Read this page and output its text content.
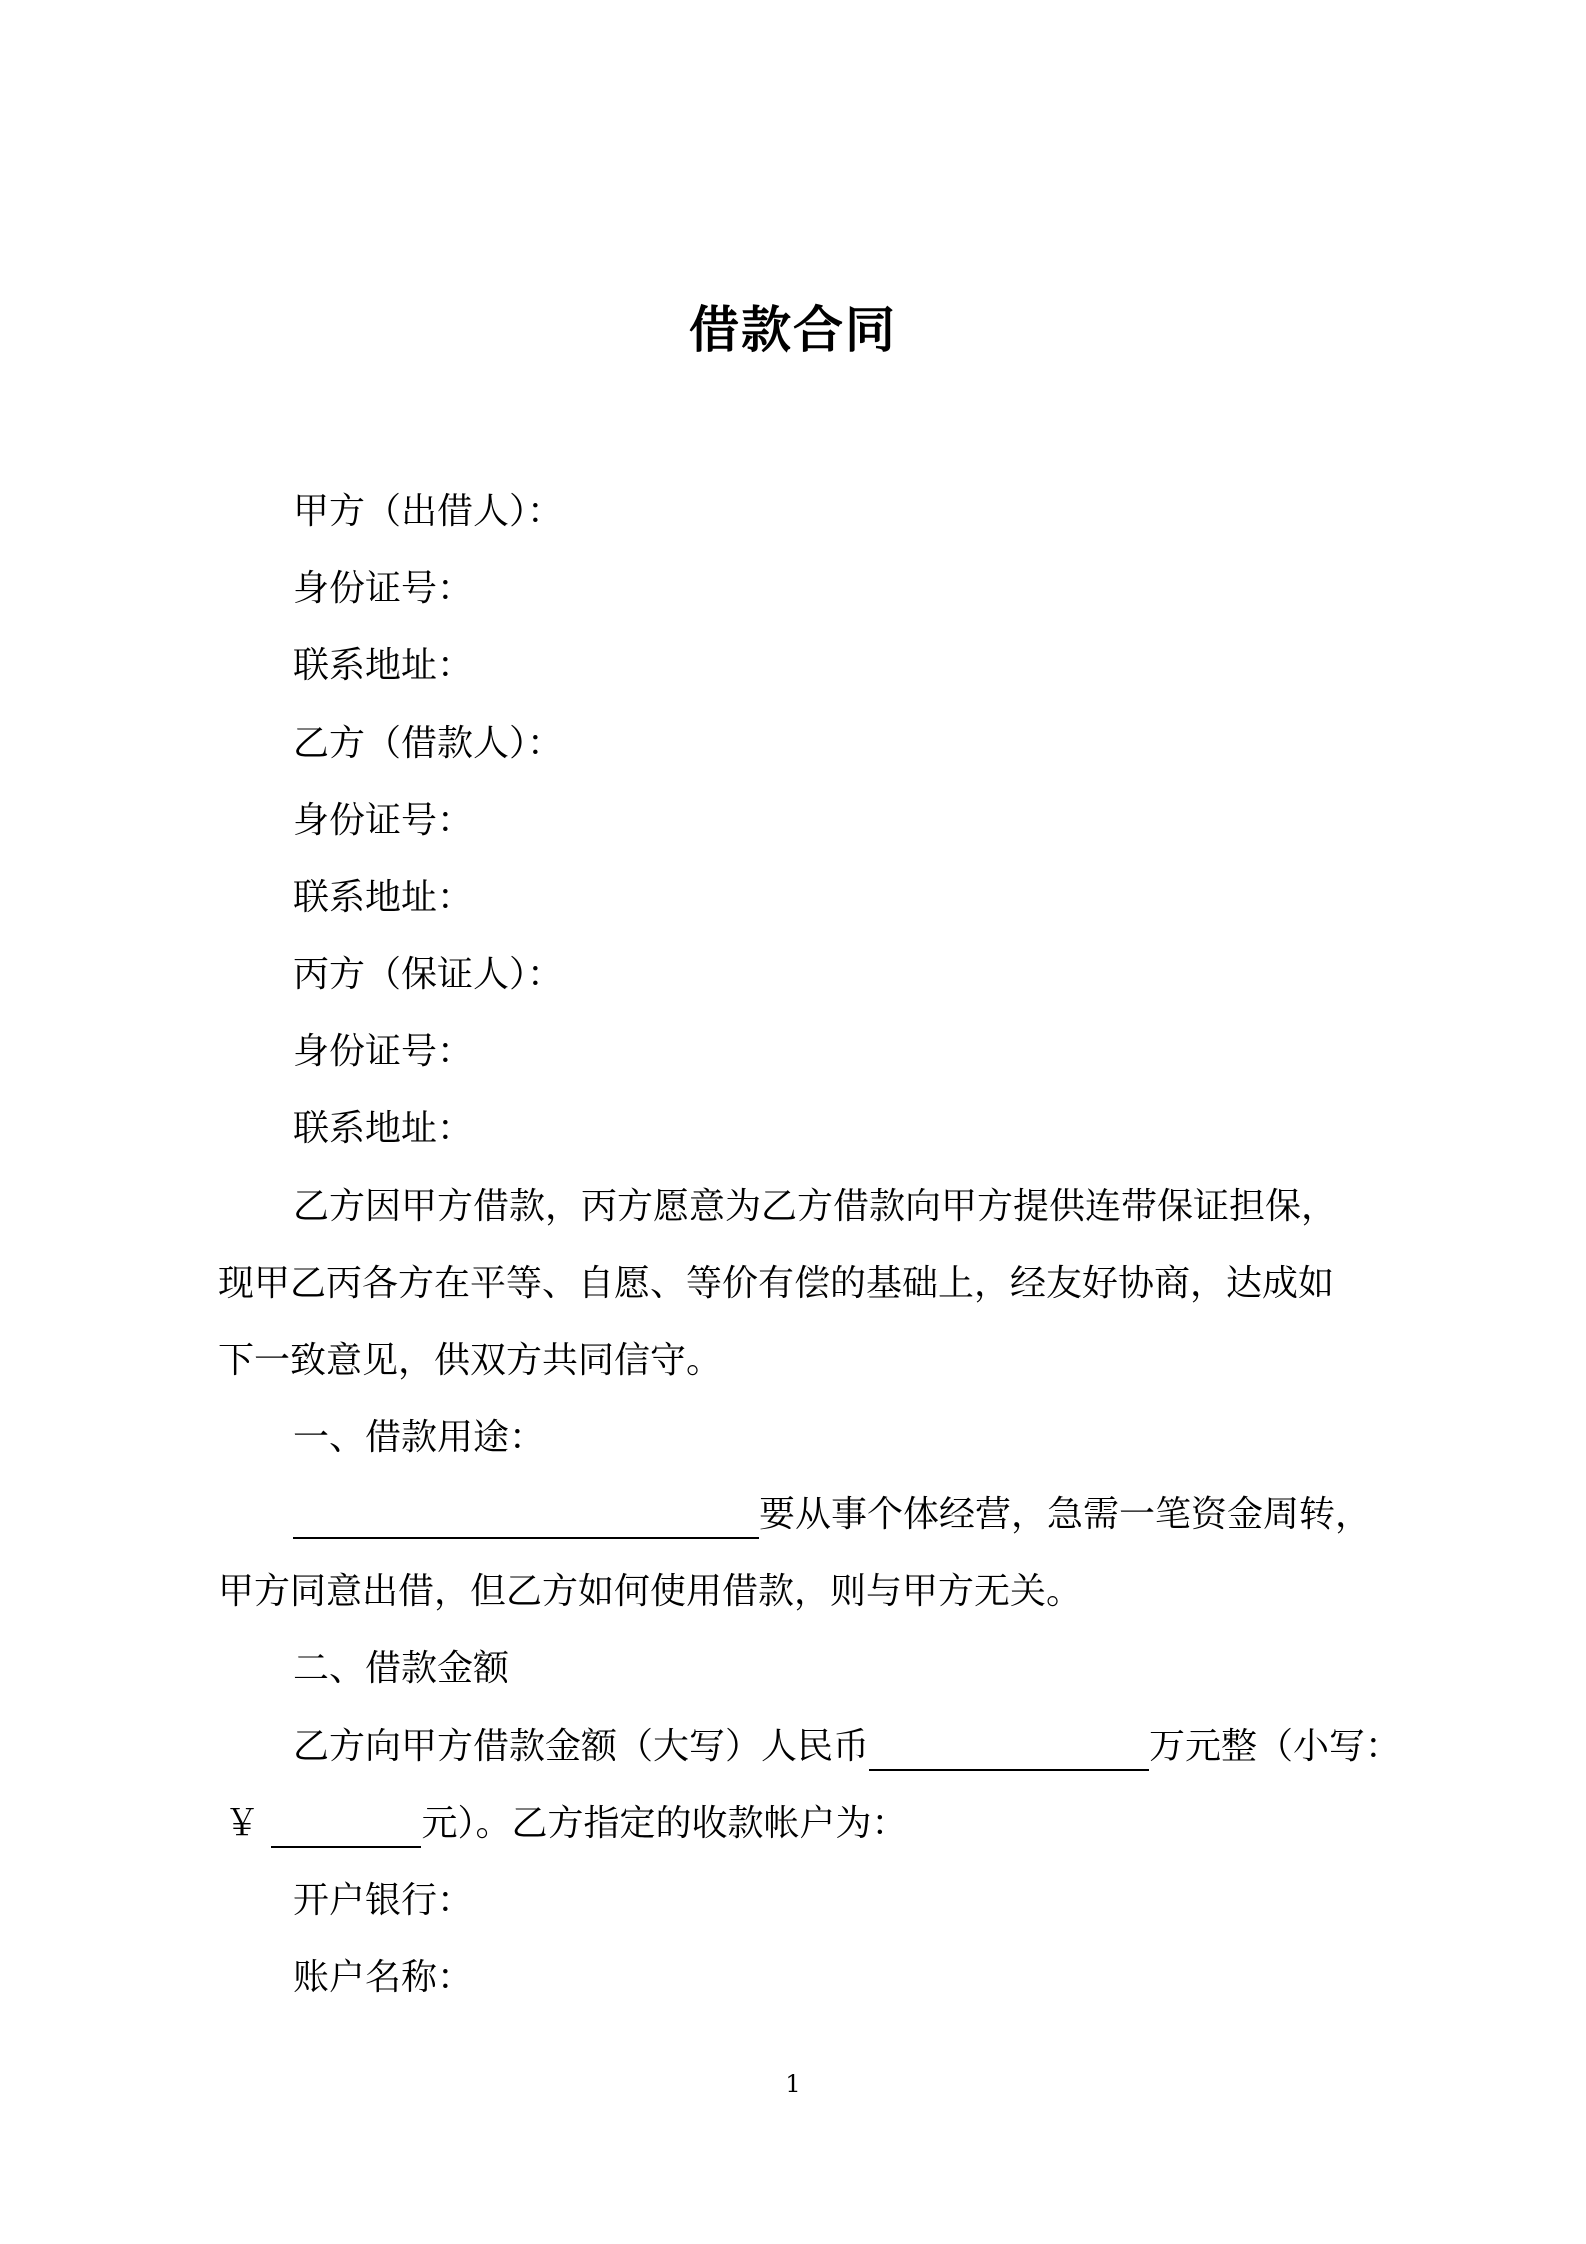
借款合同
甲方（出借人）：
身份证号：
联系地址：
乙方（借款人）：
身份证号：
联系地址：
丙方（保证人）：
身份证号：
联系地址：
乙方因甲方借款，丙方愿意为乙方借款向甲方提供连带保证担保，
现甲乙丙各方在平等、自愿、等价有偿的基础上，经友好协商，达成如
下一致意见，供双方共同信守。
一、借款用途：
要从事个体经营，急需一笔资金周转，
甲方同意出借，但乙方如何使用借款，则与甲方无关。
二、借款金额
乙方向甲方借款金额（大写）人民币	万元整（小写：
￥	元）。乙方指定的收款帐户为：
开户银行：
账户名称：
1
